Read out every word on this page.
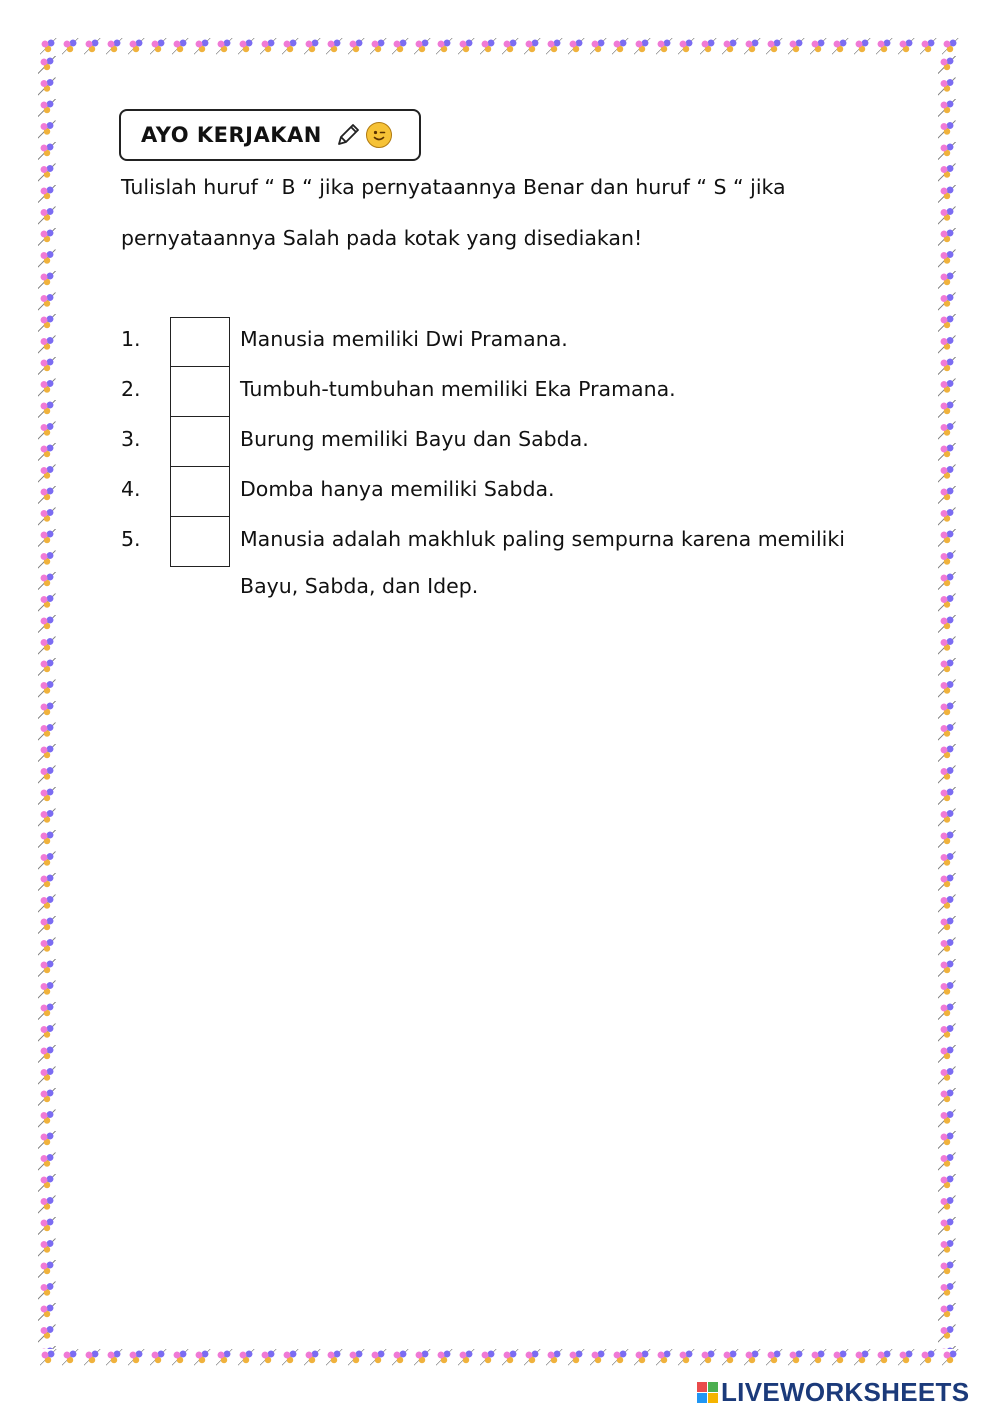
AYO KERJAKAN
Tulislah huruf “ B “ jika pernyataannya Benar dan huruf “ S “ jika
pernyataannya Salah pada kotak yang disediakan!
1.	Manusia memiliki Dwi Pramana.
2.	Tumbuh-tumbuhan memiliki Eka Pramana.
3.	Burung memiliki Bayu dan Sabda.
4.	Domba hanya memiliki Sabda.
5.	Manusia adalah makhluk paling sempurna karena memiliki
Bayu, Sabda, dan Idep.
LIVEWORKSHEETS
